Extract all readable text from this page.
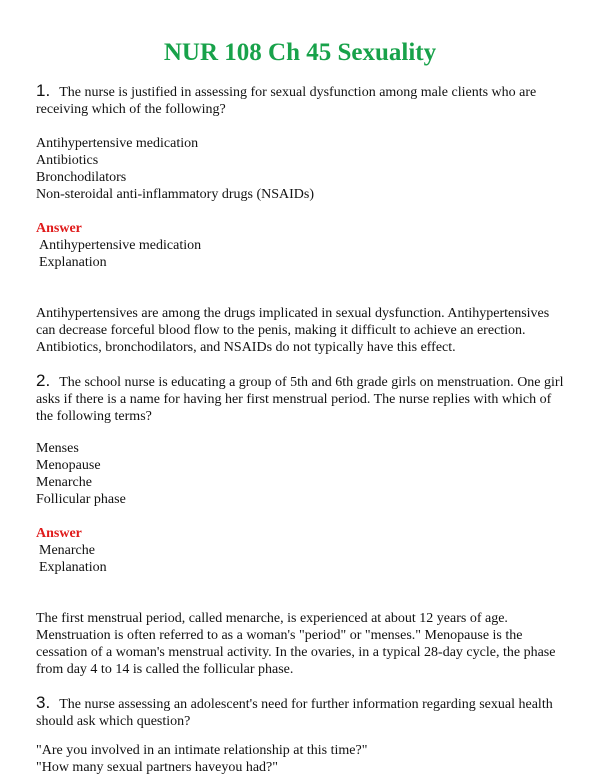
NUR 108 Ch 45 Sexuality
1. The nurse is justified in assessing for sexual dysfunction among male clients who are receiving which of the following?
Antihypertensive medication
Antibiotics
Bronchodilators
Non-steroidal anti-inflammatory drugs (NSAIDs)
Answer
Antihypertensive medication
Explanation

Antihypertensives are among the drugs implicated in sexual dysfunction. Antihypertensives can decrease forceful blood flow to the penis, making it difficult to achieve an erection. Antibiotics, bronchodilators, and NSAIDs do not typically have this effect.

2. The school nurse is educating a group of 5th and 6th grade girls on menstruation. One girl asks if there is a name for having her first menstrual period. The nurse replies with which of the following terms?
Menses
Menopause
Menarche
Follicular phase
Answer
Menarche
Explanation

The first menstrual period, called menarche, is experienced at about 12 years of age. Menstruation is often referred to as a woman's "period" or "menses." Menopause is the cessation of a woman's menstrual activity. In the ovaries, in a typical 28-day cycle, the phase from day 4 to 14 is called the follicular phase.

3. The nurse assessing an adolescent's need for further information regarding sexual health should ask which question?
"Are you involved in an intimate relationship at this time?"
"How many sexual partners haveyou had?"
